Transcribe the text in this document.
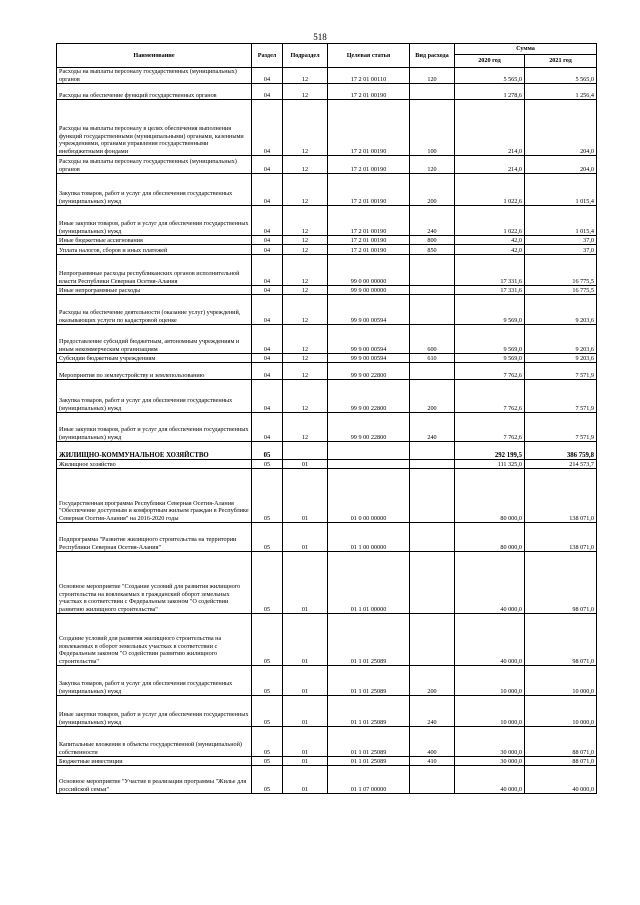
518
Наименование	Раздел	Подраздел	Целевая статья	Вид расхода	Сумма	
					2020 год	2021 год
Расходы на выплаты персоналу государственных (муниципальных) органов	04	12	17 2 01 00110	120	5 565,0	5 565,0
Расходы на обеспечение функций государственных органов	04	12	17 2 01 00190		1 278,6	1 256,4
Расходы на выплаты персоналу в целях обеспечения выполнения функций государственными (муниципальными) органами, казенными учреждениями, органами управления государственными внебюджетными фондами	04	12	17 2 01 00190	100	214,0	204,0
Расходы на выплаты персоналу государственных (муниципальных) органов	04	12	17 2 01 00190	120	214,0	204,0
Закупка товаров, работ и услуг для обеспечения государственных (муниципальных) нужд	04	12	17 2 01 00190	200	1 022,6	1 015,4
Иные закупки товаров, работ и услуг для обеспечения государственных (муниципальных) нужд	04	12	17 2 01 00190	240	1 022,6	1 015,4
Иные бюджетные ассигнования	04	12	17 2 01 00190	800	42,0	37,0
Уплата налогов, сборов и иных платежей	04	12	17 2 01 00190	850	42,0	37,0
Непрограммные расходы республиканских органов исполнительной власти Республики Северная Осетия-Алания	04	12	99 0 00 00000		17 331,6	16 775,5
Иные непрограммные расходы	04	12	99 9 00 00000		17 331,6	16 775,5
Расходы на обеспечение деятельности (оказание услуг) учреждений, оказывающих услуги по кадастровой оценке	04	12	99 9 00 00594		9 569,0	9 203,6
Предоставление субсидий бюджетным, автономным учреждениям и иным некоммерческим организациям	04	12	99 9 00 00594	600	9 569,0	9 203,6
Субсидии бюджетным учреждениям	04	12	99 9 00 00594	610	9 569,0	9 203,6
Мероприятия по землеустройству и землепользованию	04	12	99 9 00 22800		7 762,6	7 571,9
Закупка товаров, работ и услуг для обеспечения государственных (муниципальных) нужд	04	12	99 9 00 22800	200	7 762,6	7 571,9
Иные закупки товаров, работ и услуг для обеспечения государственных (муниципальных) нужд	04	12	99 9 00 22800	240	7 762,6	7 571,9
ЖИЛИЩНО-КОММУНАЛЬНОЕ ХОЗЯЙСТВО	05				292 199,5	386 759,8
Жилищное хозяйство	05	01			111 325,0	214 573,7
Государственная программа Республики Северная Осетия-Алания "Обеспечение доступным и комфортным жильем граждан в Республике Северная Осетия-Алания" на 2016-2020 годы	05	01	01 0 00 00000		80 000,0	138 071,0
Подпрограмма "Развитие жилищного строительства на территории Республики Северная Осетия-Алания"	05	01	01 1 00 00000		80 000,0	138 071,0
Основное мероприятие "Создание условий для развития жилищного строительства на вовлекаемых в гражданский оборот земельных участках в соответствии с Федеральным законом "О содействии развитию жилищного строительства"	05	01	01 1 01 00000		40 000,0	98 071,0
Создание условий для развития жилищного строительства на вовлекаемых в оборот земельных участках в соответствии с Федеральным законом "О содействии развитию жилищного строительства"	05	01	01 1 01 25089		40 000,0	98 071,0
Закупка товаров, работ и услуг для обеспечения государственных (муниципальных) нужд	05	01	01 1 01 25089	200	10 000,0	10 000,0
Иные закупки товаров, работ и услуг для обеспечения государственных (муниципальных) нужд	05	01	01 1 01 25089	240	10 000,0	10 000,0
Капитальные вложения в объекты государственной (муниципальной) собственности	05	01	01 1 01 25089	400	30 000,0	88 071,0
Бюджетные инвестиции	05	01	01 1 01 25089	410	30 000,0	88 071,0
Основное мероприятие "Участие в реализации программы "Жилье для российской семьи"	05	01	01 1 07 00000		40 000,0	40 000,0
